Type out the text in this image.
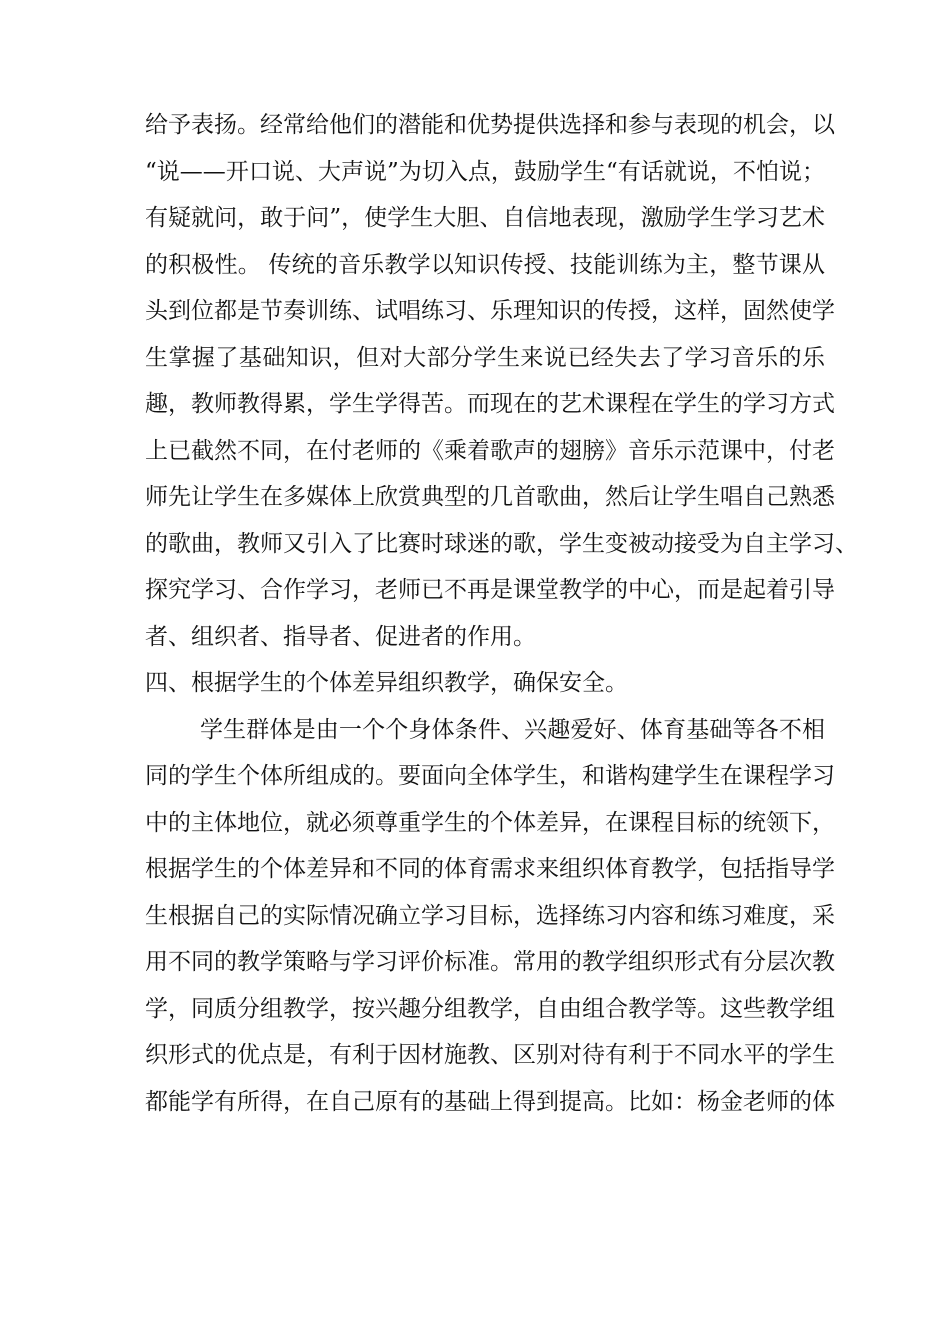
给予表扬。经常给他们的潜能和优势提供选择和参与表现的机会，以
“说——开口说、大声说”为切入点，鼓励学生“有话就说，不怕说；
有疑就问，敢于问”，使学生大胆、自信地表现，激励学生学习艺术
的积极性。 传统的音乐教学以知识传授、技能训练为主，整节课从
头到位都是节奏训练、试唱练习、乐理知识的传授，这样，固然使学
生掌握了基础知识，但对大部分学生来说已经失去了学习音乐的乐
趣，教师教得累，学生学得苦。而现在的艺术课程在学生的学习方式
上已截然不同，在付老师的《乘着歌声的翅膀》音乐示范课中，付老
师先让学生在多媒体上欣赏典型的几首歌曲，然后让学生唱自己熟悉
的歌曲，教师又引入了比赛时球迷的歌，学生变被动接受为自主学习、
探究学习、合作学习，老师已不再是课堂教学的中心，而是起着引导
者、组织者、指导者、促进者的作用。
四、根据学生的个体差异组织教学，确保安全。
学生群体是由一个个身体条件、兴趣爱好、体育基础等各不相
同的学生个体所组成的。要面向全体学生，和谐构建学生在课程学习
中的主体地位，就必须尊重学生的个体差异，在课程目标的统领下，
根据学生的个体差异和不同的体育需求来组织体育教学，包括指导学
生根据自己的实际情况确立学习目标，选择练习内容和练习难度，采
用不同的教学策略与学习评价标准。常用的教学组织形式有分层次教
学，同质分组教学，按兴趣分组教学，自由组合教学等。这些教学组
织形式的优点是，有利于因材施教、区别对待有利于不同水平的学生
都能学有所得，在自己原有的基础上得到提高。比如：杨金老师的体
